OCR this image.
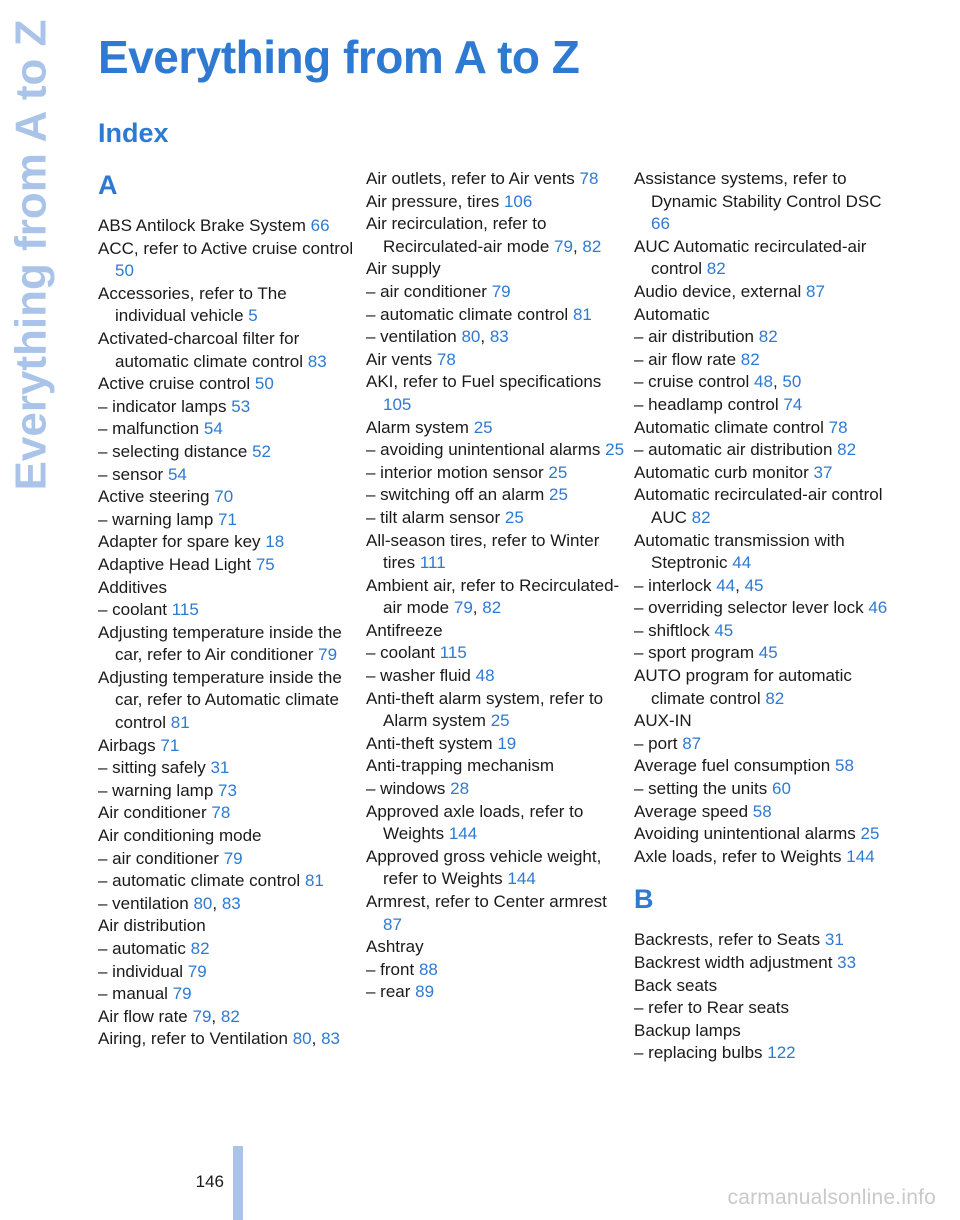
Everything from A to Z Everything from A to Z
Index
A
ABS Antilock Brake System 66
ACC, refer to Active cruise control 50
Accessories, refer to The individual vehicle 5
Activated-charcoal filter for automatic climate control 83
Active cruise control 50
– indicator lamps 53
– malfunction 54
– selecting distance 52
– sensor 54
Active steering 70
– warning lamp 71
Adapter for spare key 18
Adaptive Head Light 75
Additives
– coolant 115
Adjusting temperature inside the car, refer to Air conditioner 79
Adjusting temperature inside the car, refer to Automatic climate control 81
Airbags 71
– sitting safely 31
– warning lamp 73
Air conditioner 78
Air conditioning mode
– air conditioner 79
– automatic climate control 81
– ventilation 80, 83
Air distribution
– automatic 82
– individual 79
– manual 79
Air flow rate 79, 82
Airing, refer to Ventilation 80, 83
Air outlets, refer to Air vents 78
Air pressure, tires 106
Air recirculation, refer to Recirculated-air mode 79, 82
Air supply
– air conditioner 79
– automatic climate control 81
– ventilation 80, 83
Air vents 78
AKI, refer to Fuel specifications 105
Alarm system 25
– avoiding unintentional alarms 25
– interior motion sensor 25
– switching off an alarm 25
– tilt alarm sensor 25
All-season tires, refer to Winter tires 111
Ambient air, refer to Recirculated-air mode 79, 82
Antifreeze
– coolant 115
– washer fluid 48
Anti-theft alarm system, refer to Alarm system 25
Anti-theft system 19
Anti-trapping mechanism
– windows 28
Approved axle loads, refer to Weights 144
Approved gross vehicle weight, refer to Weights 144
Armrest, refer to Center armrest 87
Ashtray
– front 88
– rear 89
Assistance systems, refer to Dynamic Stability Control DSC 66
AUC Automatic recirculated-air control 82
Audio device, external 87
Automatic
– air distribution 82
– air flow rate 82
– cruise control 48, 50
– headlamp control 74
Automatic climate control 78
– automatic air distribution 82
Automatic curb monitor 37
Automatic recirculated-air control AUC 82
Automatic transmission with Steptronic 44
– interlock 44, 45
– overriding selector lever lock 46
– shiftlock 45
– sport program 45
AUTO program for automatic climate control 82
AUX-IN
– port 87
Average fuel consumption 58
– setting the units 60
Average speed 58
Avoiding unintentional alarms 25
Axle loads, refer to Weights 144
B
Backrests, refer to Seats 31
Backrest width adjustment 33
Back seats
– refer to Rear seats
Backup lamps
– replacing bulbs 122
146
carmanualsonline.info
